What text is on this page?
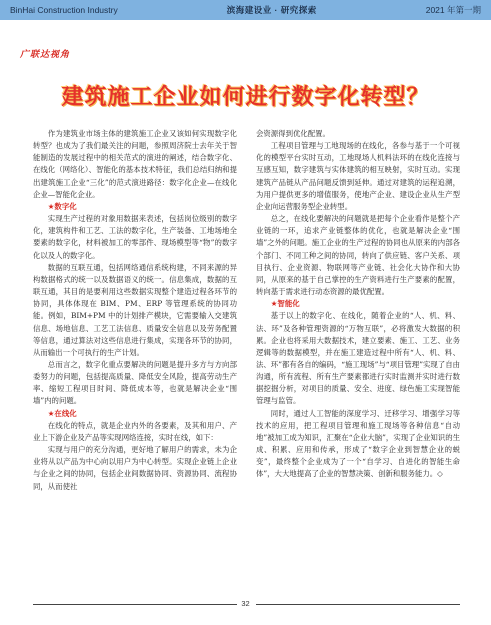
BinHai Construction Industry	滨海建设业 · 研究探索	2021 年第一期
广联达视角
建筑施工企业如何进行数字化转型？

作为建筑业市场主体的建筑施工企业又该如何实现数字化转型？也成为了我们最关注的问题，参照周济院士去年关于智能制造的发展过程中的相关范式的演进的阐述，结合数字化、在线化（网络化）、智能化的基本技术特征，我们总结归纳和提出建筑施工企业“三化”的范式演进路径：数字化企业—在线化企业—智能化企业。

★数字化

实现生产过程的对象用数据来表述，包括岗位级别的数字化，建筑构件和工艺、工法的数字化，生产装备、工地场地全要素的数字化，材料被加工的零部件、现场模型等“物”的数字化以及人的数字化。

数据的互联互通，包括网络通信系统构建，不同来源的异构数据格式的统一以及数据语义的统一。信息集成，数据的互联互通，其目的是要利用这些数据实现整个建造过程各环节的协同，具体体现在 BIM、PM、ERP 等管理系统的协同功能。例如，BIM+PM 中的计划排产模块，它需要输入交建筑信息、场地信息、工艺工法信息、质量安全信息以及劳务配置等信息，通过算法对这些信息进行集成，实现各环节的协同，从而输出一个可执行的生产计划。

总而言之，数字化重点要解决的问题是提升多方与方向部委努力的问题，包括提高质量、降低安全风险，提高劳动生产率、缩短工程项目时间、降低成本等，也就是解决企业“围墙”内的问题。

★在线化

在线化的特点，就是企业内外的各要素，及其和用户、产业上下游企业及产品等实现网络连接，实时在线，如下：

实现与用户的充分沟通，更好地了解用户的需求，未为企业将从以产品为中心向以用户为中心转型。实现企业链上企业与企业之间的协同，包括企业间数据协同、资源协同、流程协同，从而使社

会资源得到优化配置。

工程项目管理与工地现场的在线化，各参与基于一个可视化的模型平台实时互动，工地现场人机料法环的在线化连接与互感互知，数字建筑与实体建筑的相互映射，实时互动。实现建筑产品链从产品问题反馈到延伸。通过对建筑的运程追溯，为用户提供更多的增值服务，使地产企业、建设企业从生产型企业向运营服务型企业转型。

总之，在线化要解决的问题就是把每个企业看作是整个产业链的一环，追求产业链整体的优化，也就是解决企业“围墙”之外的问题。施工企业的生产过程的协同也从原来的内部各个部门、不同工种之间的协同，转向了供应链、客户关系、项目执行、企业资源、物联网等产业链、社会化大协作和大协同，从原来的基于自己掌控的生产资料进行生产要素的配置，转向基于需求进行动态资源的最优配置。

★智能化

基于以上的数字化、在线化，随着企业的“人、机、料、法、环”及各种管理资源的“万物互联”，必将激发大数据的积累。企业也将采用大数据技术，建立要素、施工、工艺、业务逻辑等的数据模型，并在施工建造过程中所有“人、机、料、法、环”都有各自的编码，“施工现场”与“项目管理”实现了自由沟通，所有流程、所有生产要素都进行实时监测并实时进行数据挖掘分析，对项目的质量、安全、进度、绿色施工实现智能管理与监管。

同时，通过人工智能的深度学习、迁移学习、增强学习等技术的应用，把工程项目管理和施工现场等各种信息“自动地”被加工成为知识，汇聚在“企业大脑”，实现了企业知识的生成、积累、应用和传承，形成了“数字企业到智慧企业的蜕变”，最终整个企业成为了一个“自学习、自进化的智能生命体”，大大地提高了企业的智慧决策、创新和服务能力。◇

32
